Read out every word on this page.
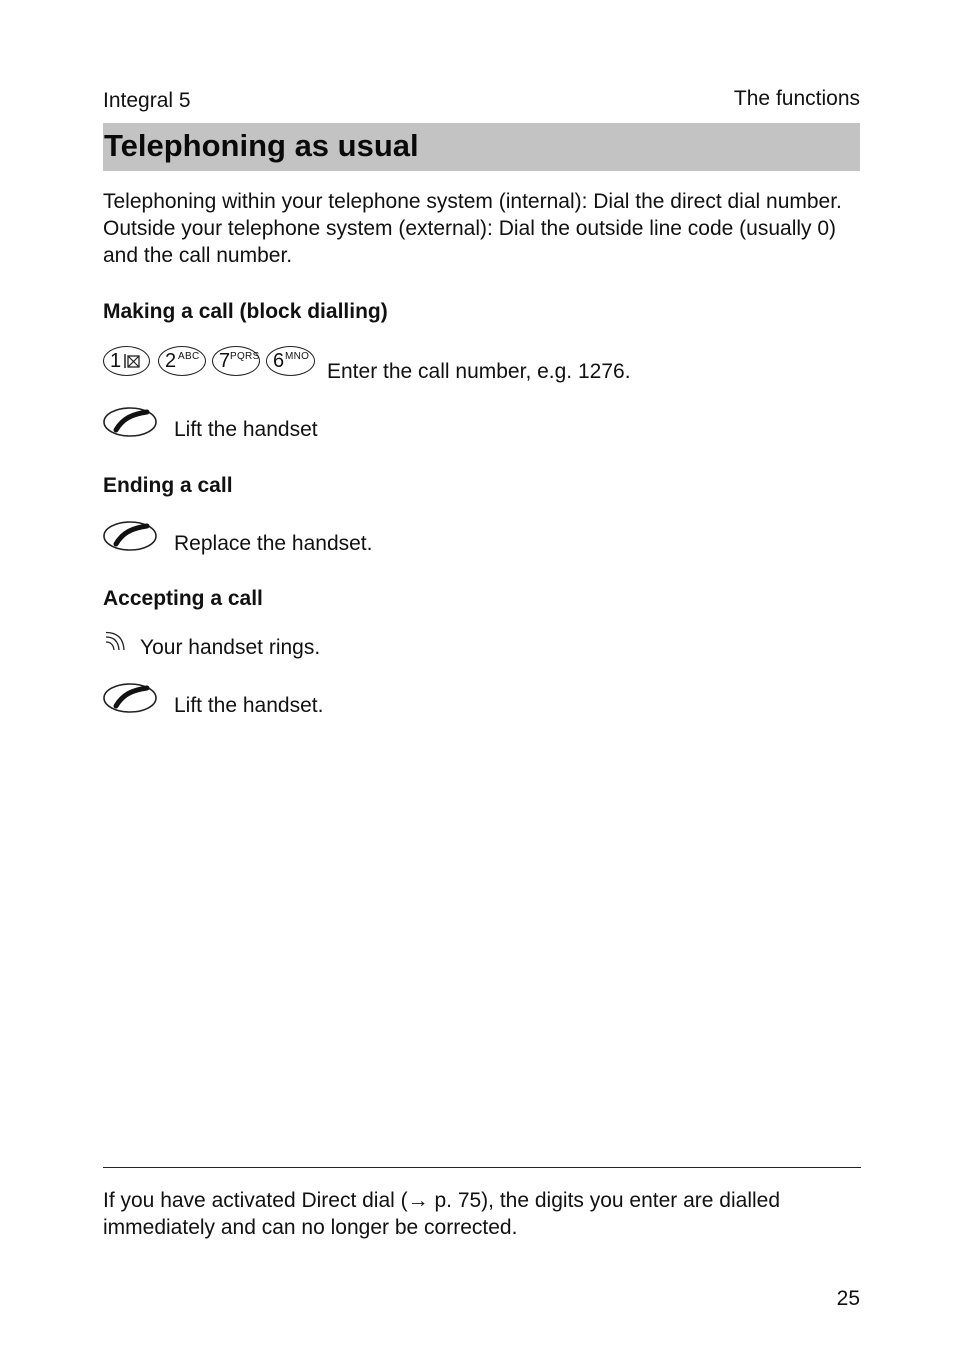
Integral 5	The functions
Telephoning as usual
Telephoning within your telephone system (internal): Dial the direct dial number. Outside your telephone system (external): Dial the outside line code (usually 0) and the call number.
Making a call (block dialling)
1 2 ABC 7 PQRS 6 MNO
Enter the call number, e.g. 1276.
Lift the handset
Ending a call
Replace the handset.
Accepting a call
Your handset rings.
Lift the handset.
If you have activated Direct dial (→ p. 75), the digits you enter are dialled immediately and can no longer be corrected.
25
